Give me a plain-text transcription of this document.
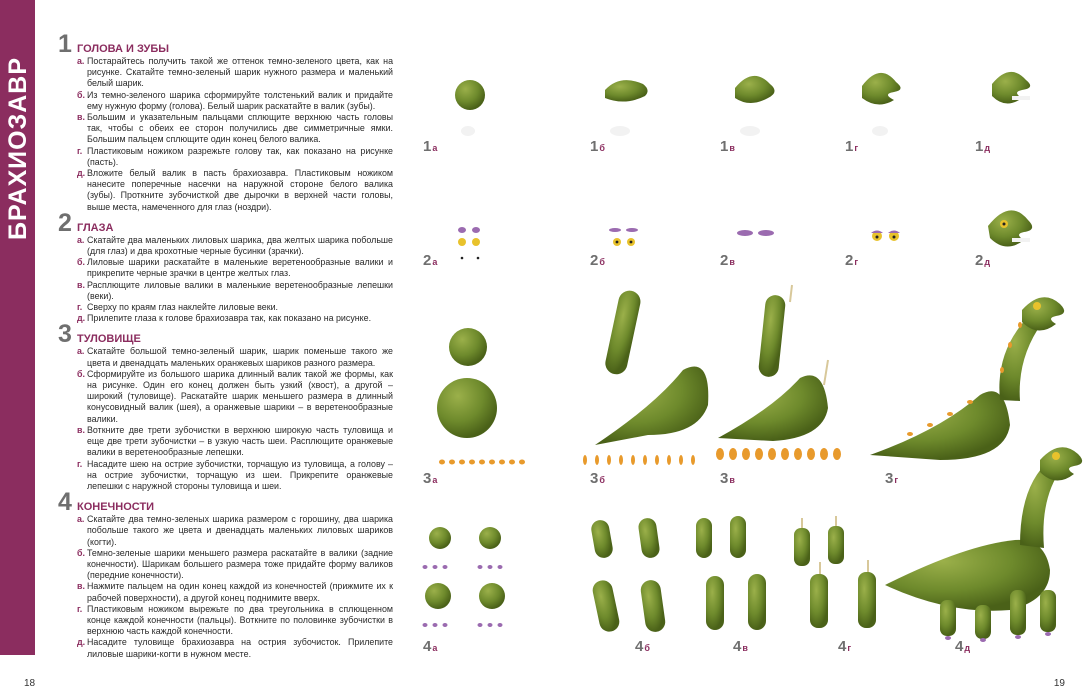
БРАХИОЗАВР
1 ГОЛОВА И ЗУБЫ
а. Постарайтесь получить такой же оттенок темно-зеленого цвета, как на рисунке. Скатайте темно-зеленый шарик нужного размера и маленький белый шарик.
б. Из темно-зеленого шарика сформируйте толстенький валик и придайте ему нужную форму (голова). Белый шарик раскатайте в валик (зубы).
в. Большим и указательным пальцами сплющите верхнюю часть головы так, чтобы с обеих ее сторон получились две симметричные ямки. Большим пальцем сплющите один конец белого валика.
г. Пластиковым ножиком разрежьте голову так, как показано на рисунке (пасть).
д. Вложите белый валик в пасть брахиозавра. Пластиковым ножиком нанесите поперечные насечки на наружной стороне белого валика (зубы). Проткните зубочисткой две дырочки в верхней части головы, выше места, намеченного для глаз (ноздри).
2 ГЛАЗА
а. Скатайте два маленьких лиловых шарика, два желтых шарика побольше (для глаз) и два крохотные черные бусинки (зрачки).
б. Лиловые шарики раскатайте в маленькие веретенообразные валики и прикрепите черные зрачки в центре желтых глаз.
в. Расплющите лиловые валики в маленькие веретенообразные лепешки (веки).
г. Сверху по краям глаз наклейте лиловые веки.
д. Прилепите глаза к голове брахиозавра так, как показано на рисунке.
3 ТУЛОВИЩЕ
а. Скатайте большой темно-зеленый шарик, шарик поменьше такого же цвета и двенадцать маленьких оранжевых шариков разного размера.
б. Сформируйте из большого шарика длинный валик такой же формы, как на рисунке. Один его конец должен быть узкий (хвост), а другой – широкий (туловище). Раскатайте шарик меньшего размера в длинный конусовидный валик (шея), а оранжевые шарики – в веретенообразные валики.
в. Воткните две трети зубочистки в верхнюю широкую часть туловища и еще две трети зубочистки – в узкую часть шеи. Расплющите оранжевые валики в веретенообразные лепешки.
г. Насадите шею на острие зубочистки, торчащую из туловища, а голову – на острие зубочистки, торчащую из шеи. Прикрепите оранжевые лепешки с наружной стороны туловища и шеи.
4 КОНЕЧНОСТИ
а. Скатайте два темно-зеленых шарика размером с горошину, два шарика побольше такого же цвета и двенадцать маленьких лиловых шариков (когти).
б. Темно-зеленые шарики меньшего размера раскатайте в валики (задние конечности). Шарикам большего размера тоже придайте форму валиков (передние конечности).
в. Нажмите пальцем на один конец каждой из конечностей (прижмите их к рабочей поверхности), а другой конец поднимите вверх.
г. Пластиковым ножиком вырежьте по два треугольника в сплющенном конце каждой конечности (пальцы). Воткните по половинке зубочистки в верхнюю часть каждой конечности.
д. Насадите туловище брахиозавра на острия зубочисток. Прилепите лиловые шарики-когти в нужном месте.
1а	1б	1в	1г	1д
2а	2б	2в	2г	2д
3а	3б	3в	3г
4а	4б	4в	4г	4д
18	19
